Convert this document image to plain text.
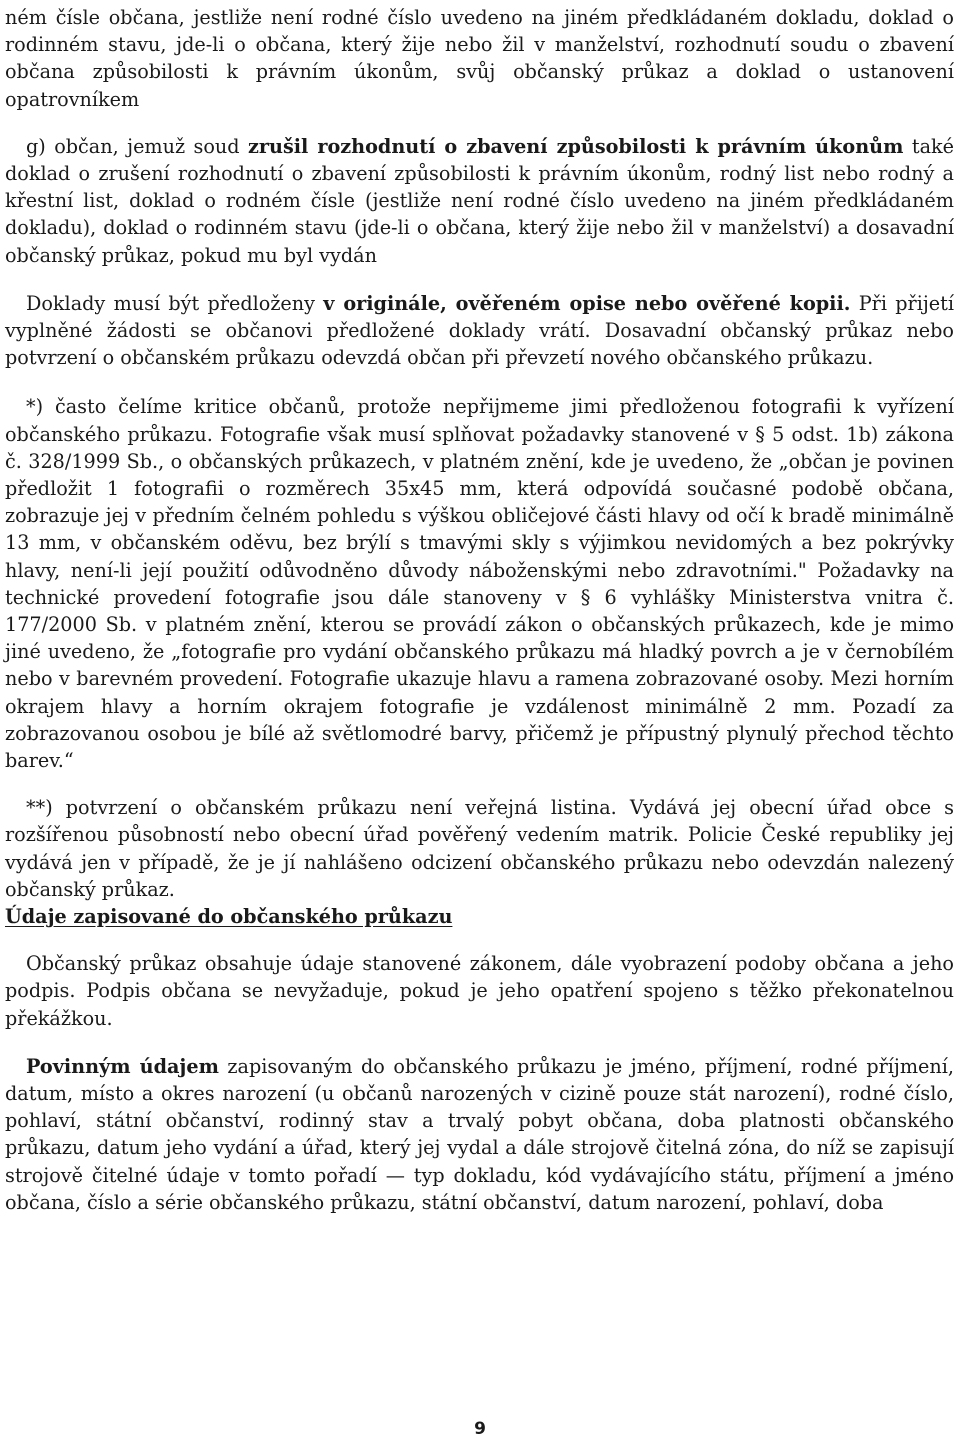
ném čísle občana, jestliže není rodné číslo uvedeno na jiném předkládaném dokladu, doklad o rodinném stavu, jde-li o občana, který žije nebo žil v manželství, rozhodnutí soudu o zbavení občana způsobilosti k právním úkonům, svůj občanský průkaz a doklad o ustanovení opatrovníkem

g) občan, jemuž soud zrušil rozhodnutí o zbavení způsobilosti k právním úkonům také doklad o zrušení rozhodnutí o zbavení způsobilosti k právním úkonům, rodný list nebo rodný a křestní list, doklad o rodném čísle (jestliže není rodné číslo uvedeno na jiném předkládaném dokladu), doklad o rodinném stavu (jde-li o občana, který žije nebo žil v manželství) a dosavadní občanský průkaz, pokud mu byl vydán

Doklady musí být předloženy v originále, ověřeném opise nebo ověřené kopii. Při přijetí vyplněné žádosti se občanovi předložené doklady vrátí. Dosavadní občanský průkaz nebo potvrzení o občanském průkazu odevzdá občan při převzetí nového občanského průkazu.

*) často čelíme kritice občanů, protože nepřijmeme jimi předloženou fotografii k vyřízení občanského průkazu. Fotografie však musí splňovat požadavky stanovené v § 5 odst. 1b) zákona č. 328/1999 Sb., o občanských průkazech, v platném znění, kde je uvedeno, že „občan je povinen předložit 1 fotografii o rozměrech 35x45 mm, která odpovídá současné podobě občana, zobrazuje jej v předním čelném pohledu s výškou obličejové části hlavy od očí k bradě minimálně 13 mm, v občanském oděvu, bez brýlí s tmavými skly s výjimkou nevidomých a bez pokrývky hlavy, není-li její použití odůvodněno důvody náboženskými nebo zdravotními." Požadavky na technické provedení fotografie jsou dále stanoveny v § 6 vyhlášky Ministerstva vnitra č. 177/2000 Sb. v platném znění, kterou se provádí zákon o občanských průkazech, kde je mimo jiné uvedeno, že „fotografie pro vydání občanského průkazu má hladký povrch a je v černobílém nebo v barevném provedení. Fotografie ukazuje hlavu a ramena zobrazované osoby. Mezi horním okrajem hlavy a horním okrajem fotografie je vzdálenost minimálně 2 mm. Pozadí za zobrazovanou osobou je bílé až světlomodré barvy, přičemž je přípustný plynulý přechod těchto barev.“

**) potvrzení o občanském průkazu není veřejná listina. Vydává jej obecní úřad obce s rozšířenou působností nebo obecní úřad pověřený vedením matrik. Policie České republiky jej vydává jen v případě, že je jí nahlášeno odcizení občanského průkazu nebo odevzdán nalezený občanský průkaz.

Údaje zapisované do občanského průkazu

Občanský průkaz obsahuje údaje stanovené zákonem, dále vyobrazení podoby občana a jeho podpis. Podpis občana se nevyžaduje, pokud je jeho opatření spojeno s těžko překonatelnou překážkou.

Povinným údajem zapisovaným do občanského průkazu je jméno, příjmení, rodné příjmení, datum, místo a okres narození (u občanů narozených v cizině pouze stát narození), rodné číslo, pohlaví, státní občanství, rodinný stav a trvalý pobyt občana, doba platnosti občanského průkazu, datum jeho vydání a úřad, který jej vydal a dále strojově čitelná zóna, do níž se zapisují strojově čitelné údaje v tomto pořadí — typ dokladu, kód vydávajícího státu, příjmení a jméno občana, číslo a série občanského průkazu, státní občanství, datum narození, pohlaví, doba

9
